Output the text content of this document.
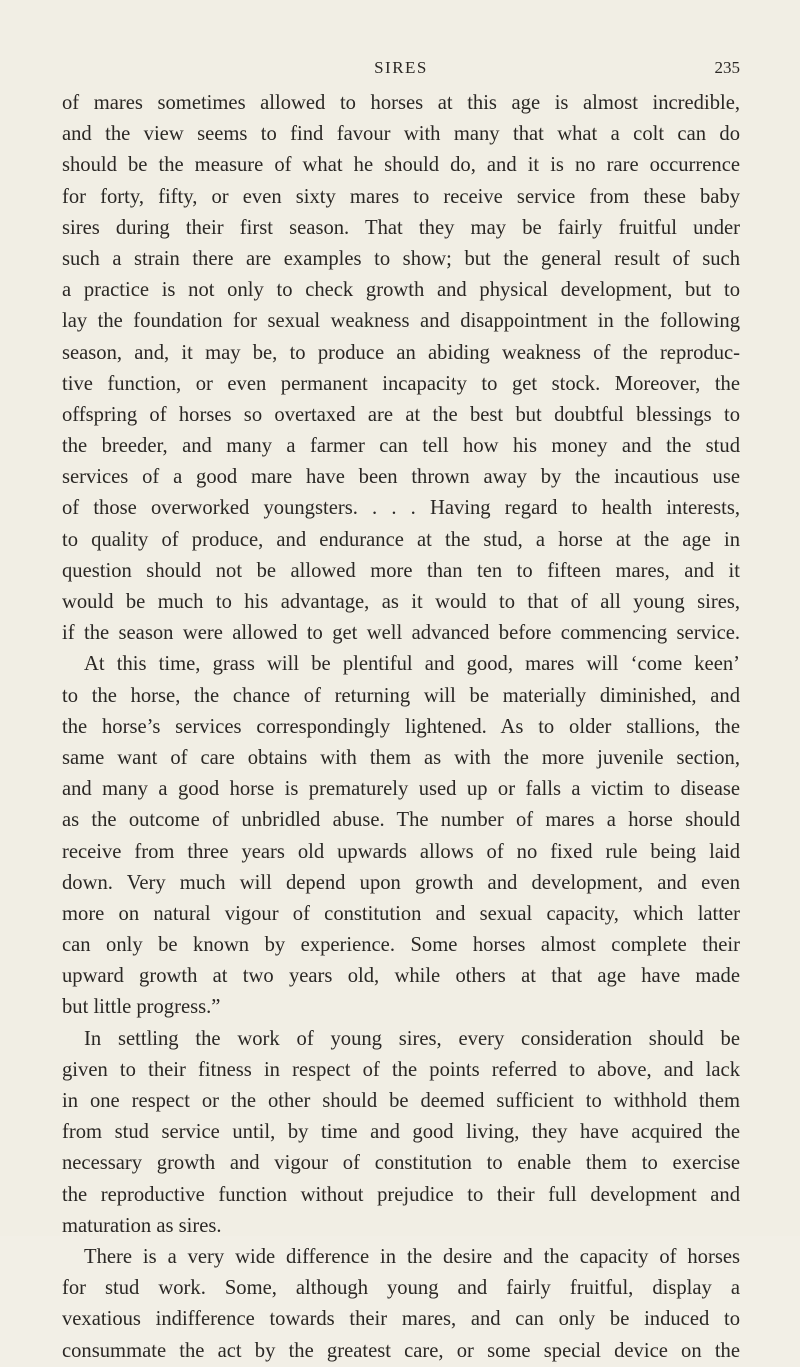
SIRES	235
of mares sometimes allowed to horses at this age is almost incredible,
and the view seems to find favour with many that what a colt can do
should be the measure of what he should do, and it is no rare occurrence
for forty, fifty, or even sixty mares to receive service from these baby
sires during their first season. That they may be fairly fruitful under
such a strain there are examples to show; but the general result of such
a practice is not only to check growth and physical development, but to
lay the foundation for sexual weakness and disappointment in the following
season, and, it may be, to produce an abiding weakness of the reproduc-
tive function, or even permanent incapacity to get stock. Moreover, the
offspring of horses so overtaxed are at the best but doubtful blessings to
the breeder, and many a farmer can tell how his money and the stud
services of a good mare have been thrown away by the incautious use
of those overworked youngsters. . . . Having regard to health interests,
to quality of produce, and endurance at the stud, a horse at the age in
question should not be allowed more than ten to fifteen mares, and it
would be much to his advantage, as it would to that of all young sires,
if the season were allowed to get well advanced before commencing service.
At this time, grass will be plentiful and good, mares will ‘come keen’
to the horse, the chance of returning will be materially diminished, and
the horse’s services correspondingly lightened. As to older stallions, the
same want of care obtains with them as with the more juvenile section,
and many a good horse is prematurely used up or falls a victim to disease
as the outcome of unbridled abuse. The number of mares a horse should
receive from three years old upwards allows of no fixed rule being laid
down. Very much will depend upon growth and development, and even
more on natural vigour of constitution and sexual capacity, which latter
can only be known by experience. Some horses almost complete their
upward growth at two years old, while others at that age have made
but little progress.”
In settling the work of young sires, every consideration should be
given to their fitness in respect of the points referred to above, and lack
in one respect or the other should be deemed sufficient to withhold them
from stud service until, by time and good living, they have acquired the
necessary growth and vigour of constitution to enable them to exercise
the reproductive function without prejudice to their full development and
maturation as sires.
There is a very wide difference in the desire and the capacity of horses
for stud work. Some, although young and fairly fruitful, display a
vexatious indifference towards their mares, and can only be induced to
consummate the act by the greatest care, or some special device on the
